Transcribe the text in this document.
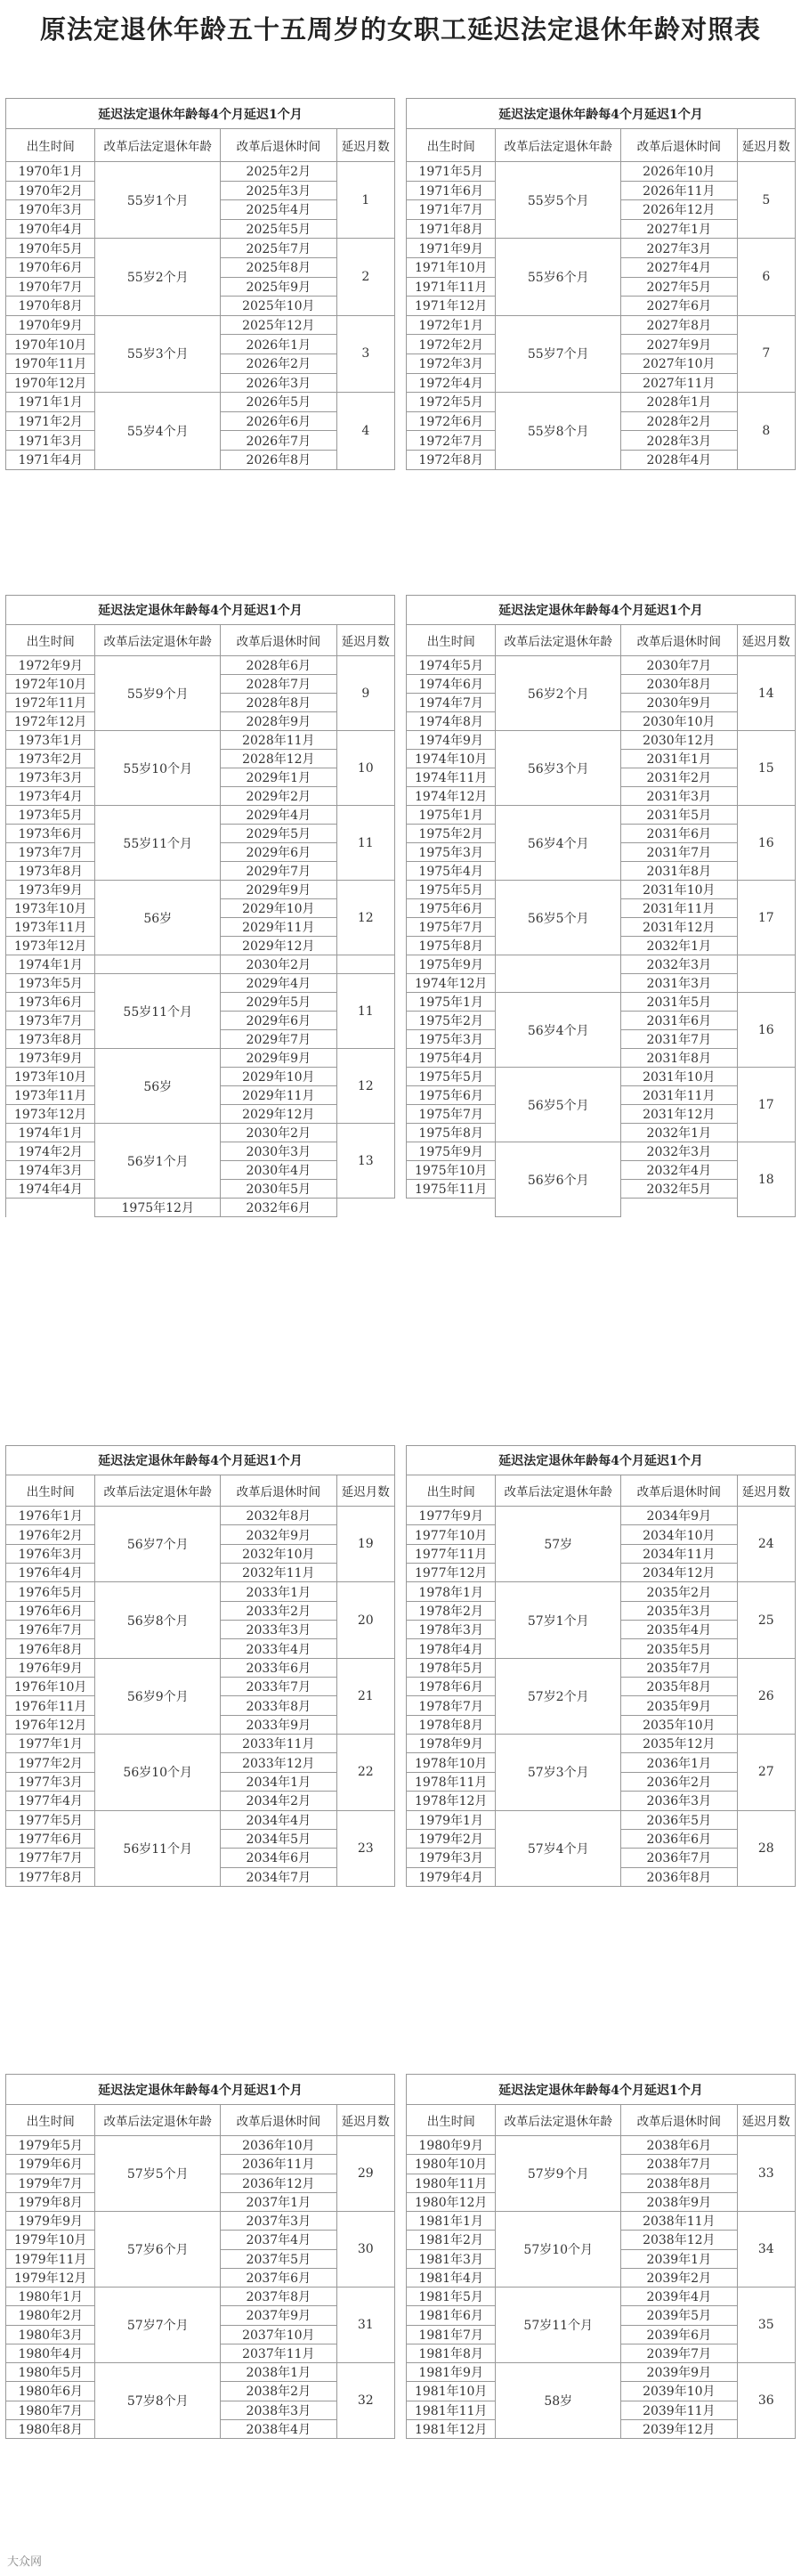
原法定退休年龄五十五周岁的女职工延迟法定退休年龄对照表
延迟法定退休年龄每4个月延迟1个月					延迟法定退休年龄每4个月延迟1个月			
出生时间	改革后法定退休年龄	改革后退休时间	延迟月数		出生时间	改革后法定退休年龄	改革后退休时间	延迟月数
1970年1月	55岁1个月	2025年2月	1		1971年5月	55岁5个月	2026年10月	5
1970年2月		2025年3月			1971年6月		2026年11月	
1970年3月		2025年4月			1971年7月		2026年12月	
1970年4月		2025年5月			1971年8月		2027年1月	
1970年5月	55岁2个月	2025年7月	2		1971年9月	55岁6个月	2027年3月	6
1970年6月		2025年8月			1971年10月		2027年4月	
1970年7月		2025年9月			1971年11月		2027年5月	
1970年8月		2025年10月			1971年12月		2027年6月	
1970年9月	55岁3个月	2025年12月	3		1972年1月	55岁7个月	2027年8月	7
1970年10月		2026年1月			1972年2月		2027年9月	
1970年11月		2026年2月			1972年3月		2027年10月	
1970年12月		2026年3月			1972年4月		2027年11月	
1971年1月	55岁4个月	2026年5月	4		1972年5月	55岁8个月	2028年1月	8
1971年2月		2026年6月			1972年6月		2028年2月	
1971年3月		2026年7月			1972年7月		2028年3月	
1971年4月		2026年8月			1972年8月		2028年4月	
延迟法定退休年龄每4个月延迟1个月					延迟法定退休年龄每4个月延迟1个月			
出生时间	改革后法定退休年龄	改革后退休时间	延迟月数		出生时间	改革后法定退休年龄	改革后退休时间	延迟月数
1972年9月	55岁9个月	2028年6月	9		1974年5月	56岁2个月	2030年7月	14
1972年10月		2028年7月			1974年6月		2030年8月	
1972年11月		2028年8月			1974年7月		2030年9月	
1972年12月		2028年9月			1974年8月		2030年10月	
1973年1月	55岁10个月	2028年11月	10		1974年9月	56岁3个月	2030年12月	15
1973年2月		2028年12月			1974年10月		2031年1月	
1973年3月		2029年1月			1974年11月		2031年2月	
1973年4月		2029年2月			1974年12月		2031年3月	
1973年5月	55岁11个月	2029年4月	11		1975年1月	56岁4个月	2031年5月	16
1973年6月		2029年5月			1975年2月		2031年6月	
1973年7月		2029年6月			1975年3月		2031年7月	
1973年8月		2029年7月			1975年4月		2031年8月	
1973年9月	56岁	2029年9月	12		1975年5月	56岁5个月	2031年10月	17
1973年10月		2029年10月			1975年6月		2031年11月	
1973年11月		2029年11月			1975年7月		2031年12月	
1973年12月		2029年12月			1975年8月		2032年1月	
1974年1月		2030年2月			1975年9月		2032年3月	
1973年5月	55岁11个月	2029年4月	11		1974年12月		2031年3月	
1973年6月		2029年5月			1975年1月	56岁4个月	2031年5月	16
1973年7月		2029年6月			1975年2月		2031年6月	
1973年8月		2029年7月			1975年3月		2031年7月	
1973年9月	56岁	2029年9月	12		1975年4月		2031年8月	
1973年10月		2029年10月			1975年5月	56岁5个月	2031年10月	17
1973年11月		2029年11月			1975年6月		2031年11月	
1973年12月		2029年12月			1975年7月		2031年12月	
1974年1月	56岁1个月	2030年2月	13		1975年8月		2032年1月	
1974年2月		2030年3月			1975年9月	56岁6个月	2032年3月	18
1974年3月		2030年4月			1975年10月		2032年4月	
1974年4月		2030年5月			1975年11月		2032年5月	
	1975年12月	2032年6月						
延迟法定退休年龄每4个月延迟1个月					延迟法定退休年龄每4个月延迟1个月			
出生时间	改革后法定退休年龄	改革后退休时间	延迟月数		出生时间	改革后法定退休年龄	改革后退休时间	延迟月数
1976年1月	56岁7个月	2032年8月	19		1977年9月	57岁	2034年9月	24
1976年2月		2032年9月			1977年10月		2034年10月	
1976年3月		2032年10月			1977年11月		2034年11月	
1976年4月		2032年11月			1977年12月		2034年12月	
1976年5月	56岁8个月	2033年1月	20		1978年1月	57岁1个月	2035年2月	25
1976年6月		2033年2月			1978年2月		2035年3月	
1976年7月		2033年3月			1978年3月		2035年4月	
1976年8月		2033年4月			1978年4月		2035年5月	
1976年9月	56岁9个月	2033年6月	21		1978年5月	57岁2个月	2035年7月	26
1976年10月		2033年7月			1978年6月		2035年8月	
1976年11月		2033年8月			1978年7月		2035年9月	
1976年12月		2033年9月			1978年8月		2035年10月	
1977年1月	56岁10个月	2033年11月	22		1978年9月	57岁3个月	2035年12月	27
1977年2月		2033年12月			1978年10月		2036年1月	
1977年3月		2034年1月			1978年11月		2036年2月	
1977年4月		2034年2月			1978年12月		2036年3月	
1977年5月	56岁11个月	2034年4月	23		1979年1月	57岁4个月	2036年5月	28
1977年6月		2034年5月			1979年2月		2036年6月	
1977年7月		2034年6月			1979年3月		2036年7月	
1977年8月		2034年7月			1979年4月		2036年8月	
延迟法定退休年龄每4个月延迟1个月					延迟法定退休年龄每4个月延迟1个月			
出生时间	改革后法定退休年龄	改革后退休时间	延迟月数		出生时间	改革后法定退休年龄	改革后退休时间	延迟月数
1979年5月	57岁5个月	2036年10月	29		1980年9月	57岁9个月	2038年6月	33
1979年6月		2036年11月			1980年10月		2038年7月	
1979年7月		2036年12月			1980年11月		2038年8月	
1979年8月		2037年1月			1980年12月		2038年9月	
1979年9月	57岁6个月	2037年3月	30		1981年1月	57岁10个月	2038年11月	34
1979年10月		2037年4月			1981年2月		2038年12月	
1979年11月		2037年5月			1981年3月		2039年1月	
1979年12月		2037年6月			1981年4月		2039年2月	
1980年1月	57岁7个月	2037年8月	31		1981年5月	57岁11个月	2039年4月	35
1980年2月		2037年9月			1981年6月		2039年5月	
1980年3月		2037年10月			1981年7月		2039年6月	
1980年4月		2037年11月			1981年8月		2039年7月	
1980年5月	57岁8个月	2038年1月	32		1981年9月	58岁	2039年9月	36
1980年6月		2038年2月			1981年10月		2039年10月	
1980年7月		2038年3月			1981年11月		2039年11月	
1980年8月		2038年4月			1981年12月		2039年12月	
大众网
